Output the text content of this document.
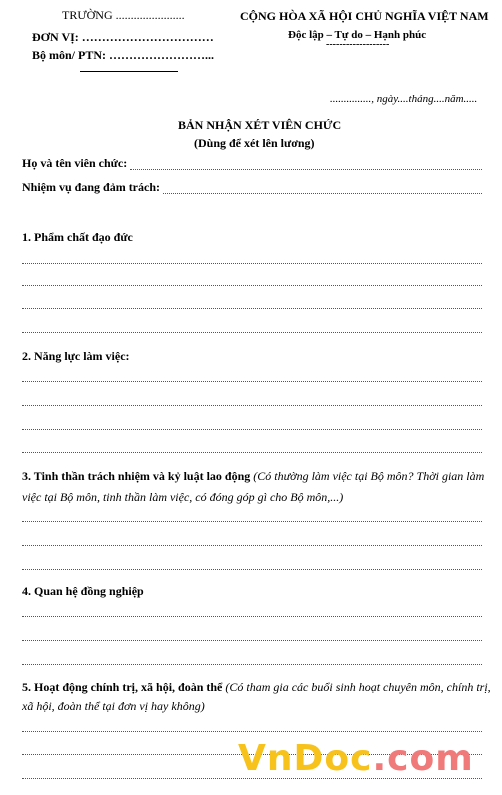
TRƯỜNG .......................
ĐƠN VỊ: ……………………………
Bộ môn/ PTN: ……………………...
CỘNG HÒA XÃ HỘI CHỦ NGHĨA VIỆT NAM
Độc lập – Tự do – Hạnh phúc
-------------------
..............., ngày....tháng....năm.....
BẢN NHẬN XÉT VIÊN CHỨC
(Dùng để xét lên lương)
Họ và tên viên chức:
Nhiệm vụ đang đảm trách:
1. Phẩm chất đạo đức
2. Năng lực làm việc:
3. Tinh thần trách nhiệm và kỷ luật lao động (Có thường làm việc tại Bộ môn? Thời gian làm
việc tại Bộ môn, tinh thần làm việc, có đóng góp gì cho Bộ môn,...)
4. Quan hệ đồng nghiệp
5. Hoạt động chính trị, xã hội, đoàn thể (Có tham gia các buổi sinh hoạt chuyên môn, chính trị,
xã hội, đoàn thể tại đơn vị hay không)
VnDoc.com
